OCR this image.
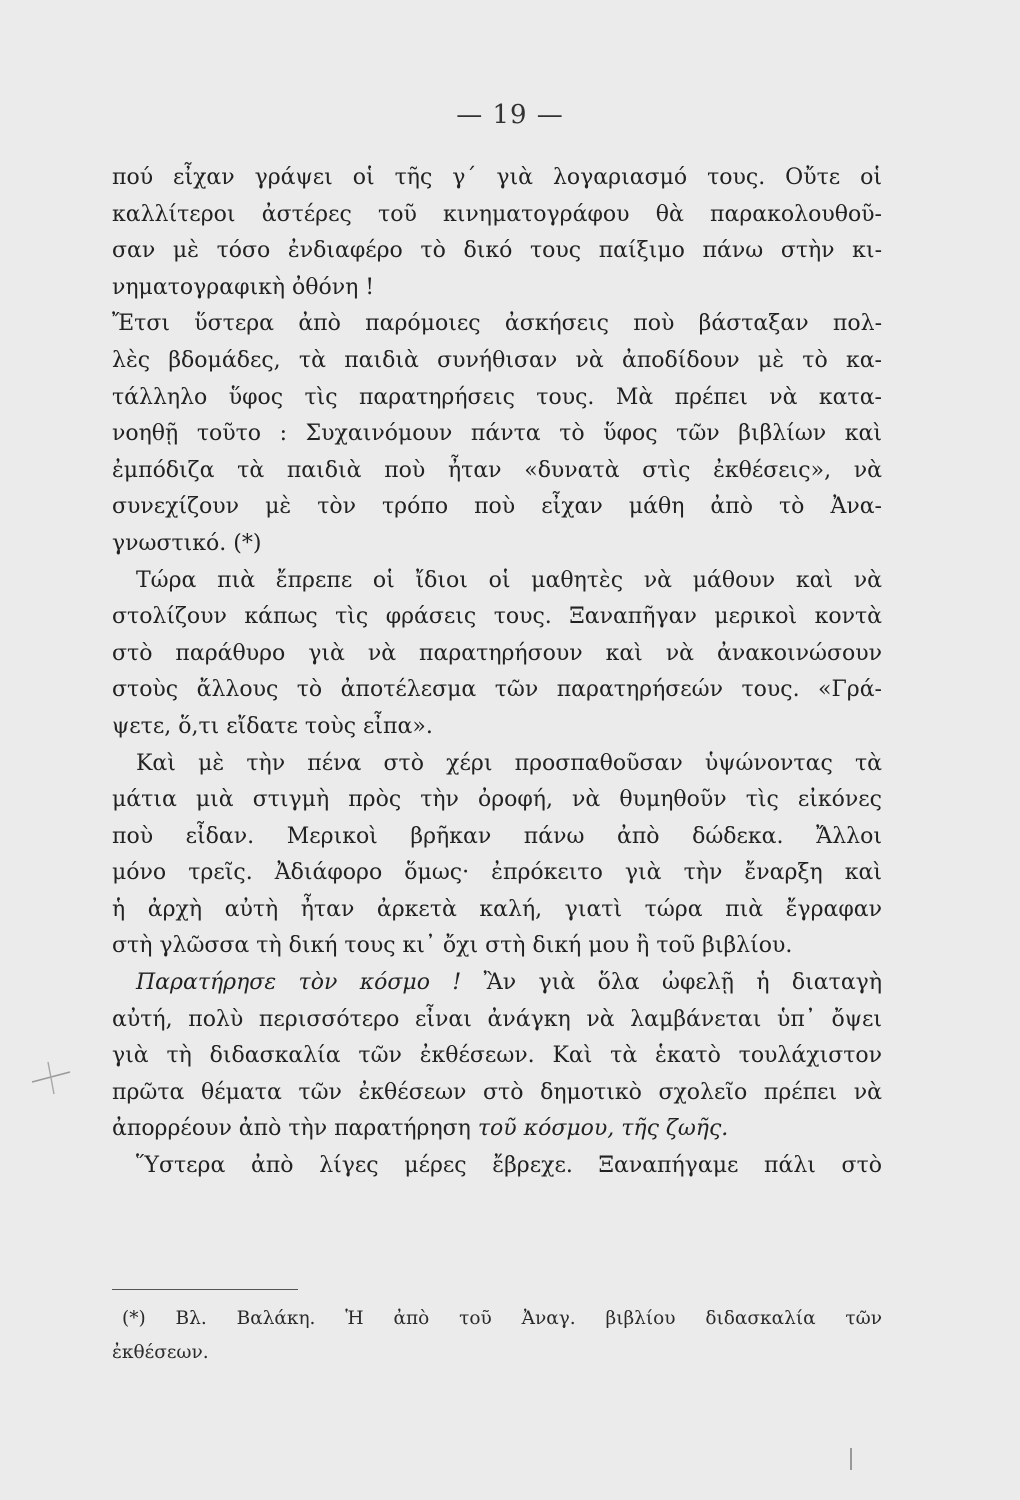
— 19 —
πού εἶχαν γράψει οἱ τῆς γ΄ γιὰ λογαριασμό τους. Οὔτε οἱ
καλλίτεροι ἀστέρες τοῦ κινηματογράφου θὰ παρακολουθοῦ-
σαν μὲ τόσο ἐνδιαφέρο τὸ δικό τους παίξιμο πάνω στὴν κι-
νηματογραφικὴ ὀθόνη !
Ἔτσι ὕστερα ἀπὸ παρόμοιες ἀσκήσεις ποὺ βάσταξαν πολ-
λὲς βδομάδες, τὰ παιδιὰ συνήθισαν νὰ ἀποδίδουν μὲ τὸ κα-
τάλληλο ὕφος τὶς παρατηρήσεις τους. Μὰ πρέπει νὰ κατα-
νοηθῇ τοῦτο : Συχαινόμουν πάντα τὸ ὕφος τῶν βιβλίων καὶ
ἐμπόδιζα τὰ παιδιὰ ποὺ ἦταν «δυνατὰ στὶς ἐκθέσεις», νὰ
συνεχίζουν μὲ τὸν τρόπο ποὺ εἶχαν μάθη ἀπὸ τὸ Ἀνα-
γνωστικό. (*)
Τώρα πιὰ ἔπρεπε οἱ ἴδιοι οἱ μαθητὲς νὰ μάθουν καὶ νὰ
στολίζουν κάπως τὶς φράσεις τους. Ξαναπῆγαν μερικοὶ κοντὰ
στὸ παράθυρο γιὰ νὰ παρατηρήσουν καὶ νὰ ἀνακοινώσουν
στοὺς ἄλλους τὸ ἀποτέλεσμα τῶν παρατηρήσεών τους. «Γρά-
ψετε, ὅ,τι εἴδατε τοὺς εἶπα».
Καὶ μὲ τὴν πένα στὸ χέρι προσπαθοῦσαν ὑψώνοντας τὰ
μάτια μιὰ στιγμὴ πρὸς τὴν ὀροφή, νὰ θυμηθοῦν τὶς εἰκόνες
ποὺ εἶδαν. Μερικοὶ βρῆκαν πάνω ἀπὸ δώδεκα. Ἄλλοι
μόνο τρεῖς. Ἀδιάφορο ὅμως· ἐπρόκειτο γιὰ τὴν ἔναρξη καὶ
ἡ ἀρχὴ αὐτὴ ἦταν ἀρκετὰ καλή, γιατὶ τώρα πιὰ ἔγραφαν
στὴ γλῶσσα τὴ δική τους κι᾿ ὄχι στὴ δική μου ἢ τοῦ βιβλίου.
Παρατήρησε τὸν κόσμο ! Ἂν γιὰ ὅλα ὠφελῇ ἡ διαταγὴ
αὐτή, πολὺ περισσότερο εἶναι ἀνάγκη νὰ λαμβάνεται ὑπ᾿ ὄψει
γιὰ τὴ διδασκαλία τῶν ἐκθέσεων. Καὶ τὰ ἑκατὸ τουλάχιστον
πρῶτα θέματα τῶν ἐκθέσεων στὸ δημοτικὸ σχολεῖο πρέπει νὰ
ἀπορρέουν ἀπὸ τὴν παρατήρηση τοῦ κόσμου, τῆς ζωῆς.
Ὕστερα ἀπὸ λίγες μέρες ἔβρεχε. Ξαναπήγαμε πάλι στὸ
(*) Βλ. Βαλάκη. Ἡ ἀπὸ τοῦ Ἀναγ. βιβλίου διδασκαλία τῶν
ἐκθέσεων.
